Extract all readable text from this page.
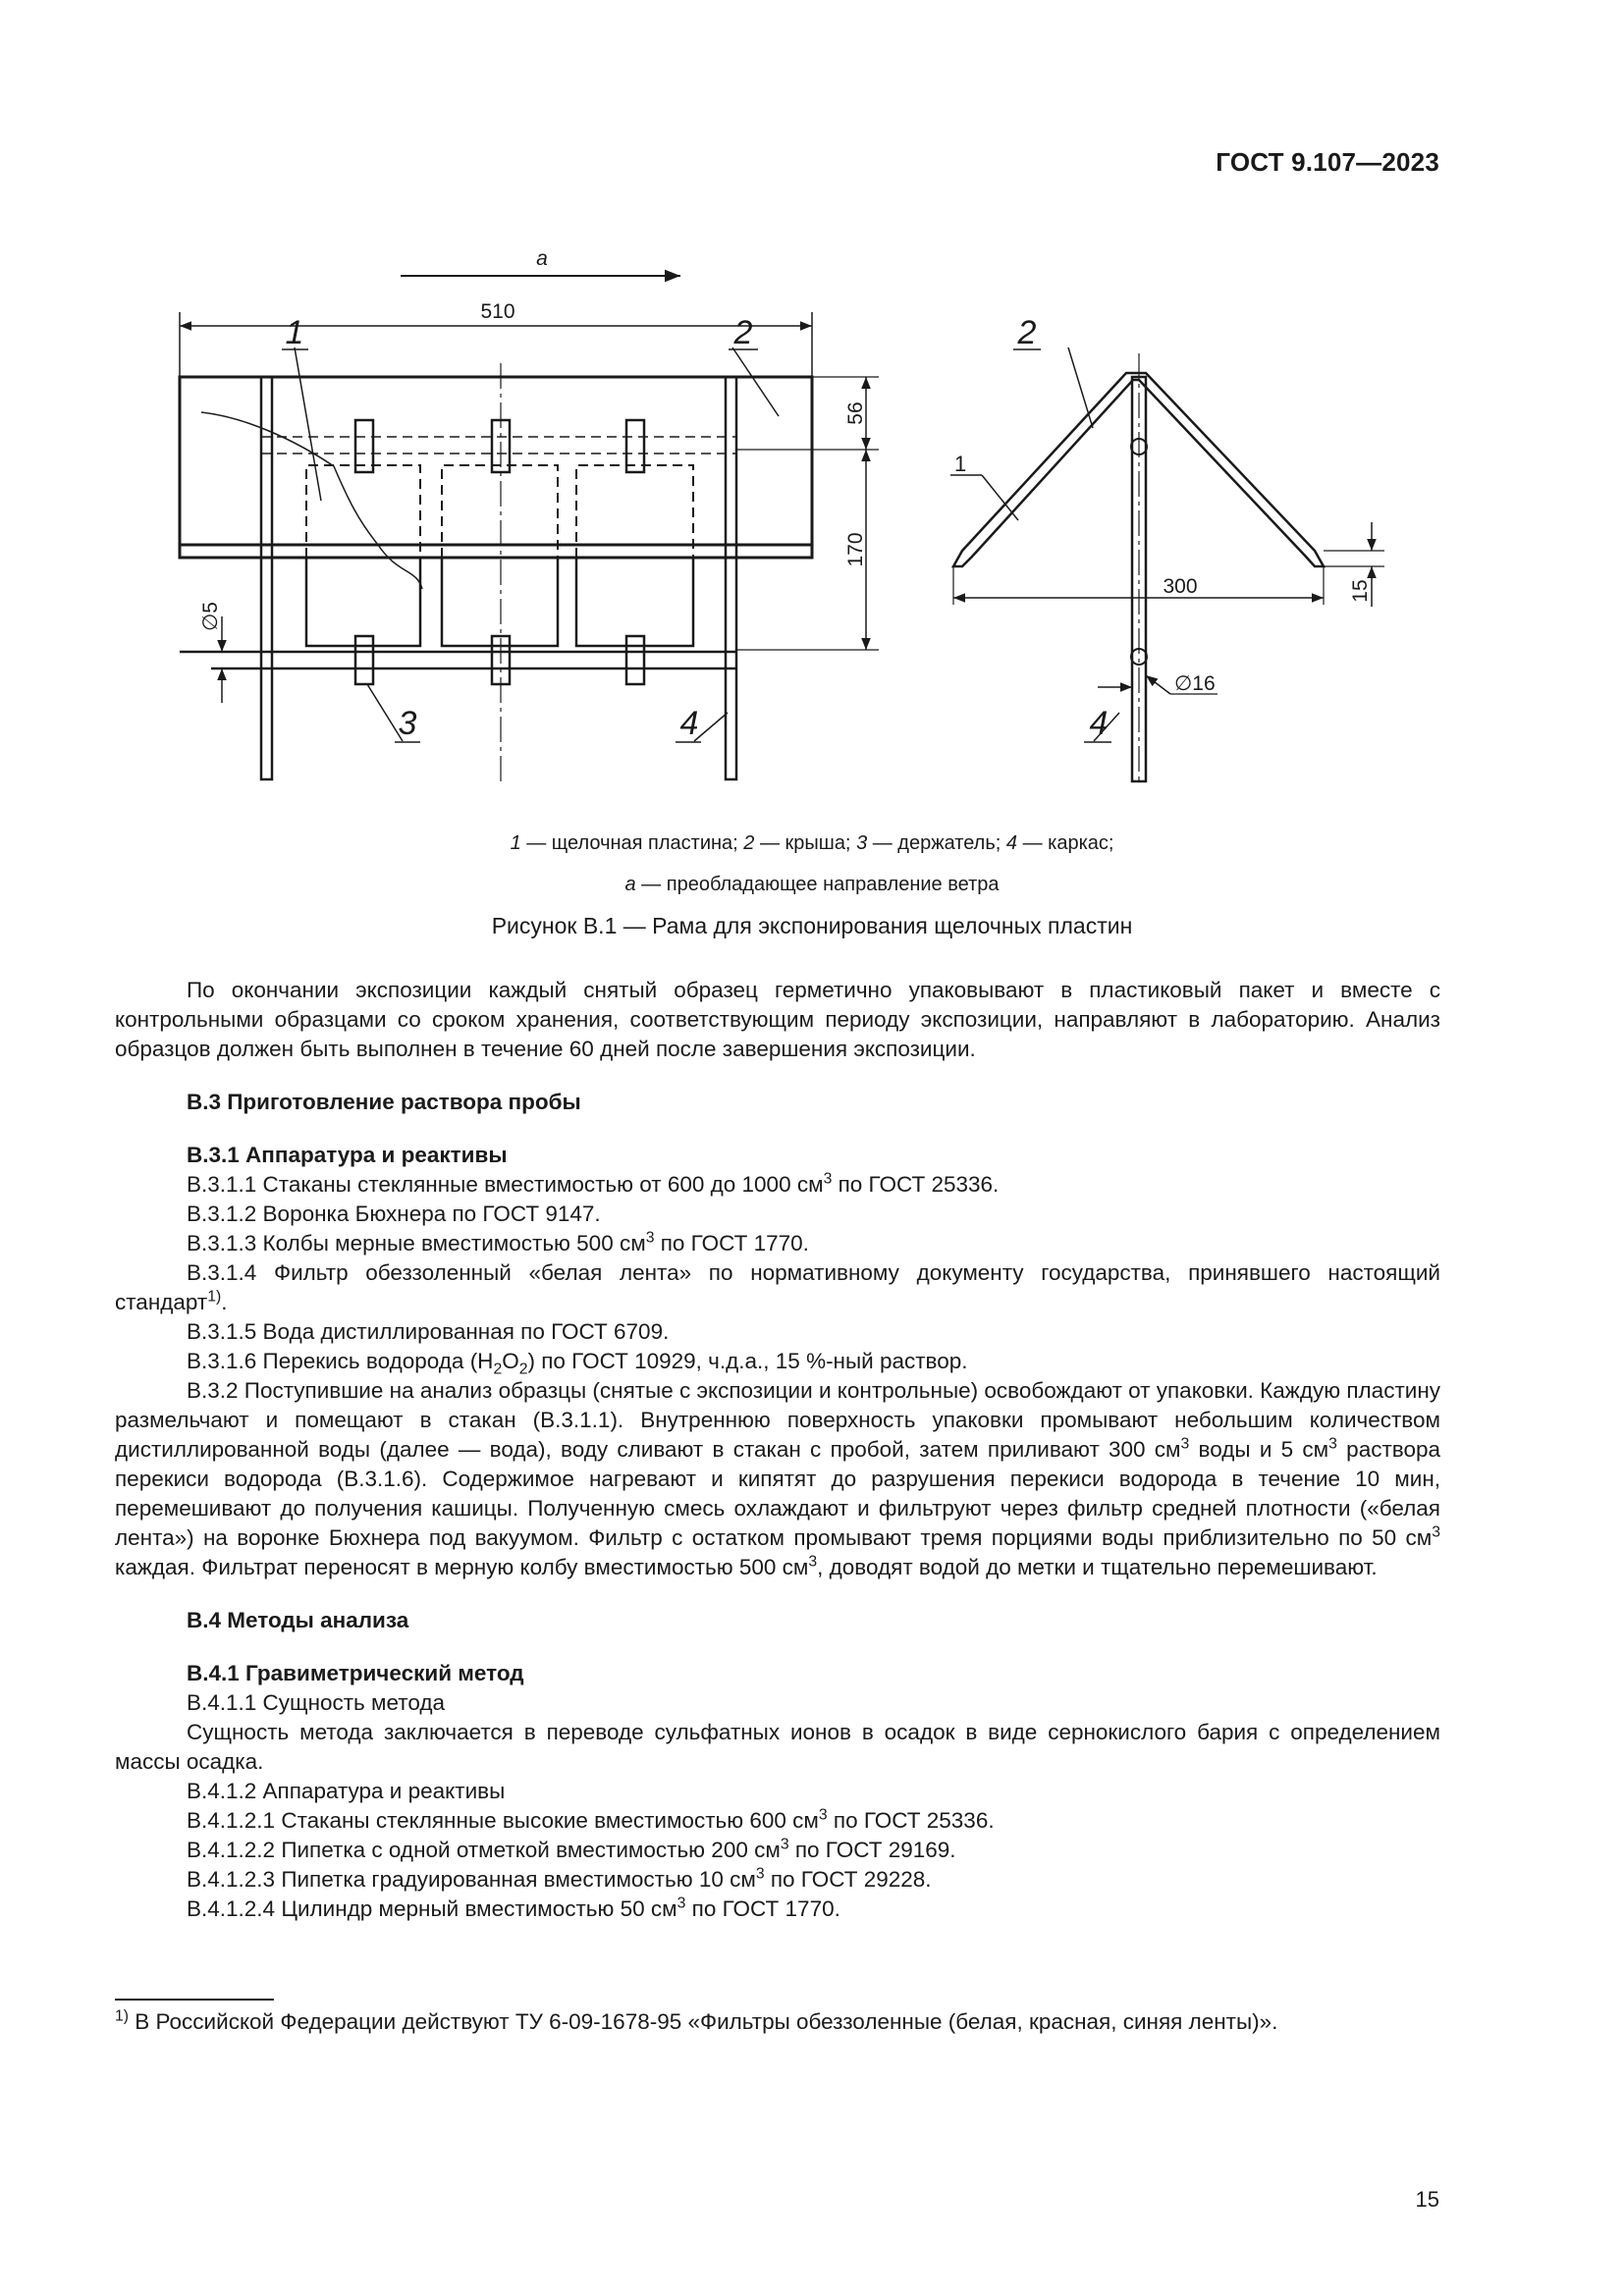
ГОСТ 9.107—2023
a
510
56
170
∅5
300	15
∅16
1	2
3	4
2
1
4
1 — щелочная пластина; 2 — крыша; 3 — держатель; 4 — каркас;
a — преобладающее направление ветра
Рисунок В.1 — Рама для экспонирования щелочных пластин

По окончании экспозиции каждый снятый образец герметично упаковывают в пластиковый пакет и вместе с контрольными образцами со сроком хранения, соответствующим периоду экспозиции, направляют в лабораторию. Анализ образцов должен быть выполнен в течение 60 дней после завершения экспозиции.

В.3 Приготовление раствора пробы

В.3.1 Аппаратура и реактивы

В.3.1.1 Стаканы стеклянные вместимостью от 600 до 1000 $см^3$ по ГОСТ 25336.

В.3.1.2 Воронка Бюхнера по ГОСТ 9147.

В.3.1.3 Колбы мерные вместимостью 500 $см^3$ по ГОСТ 1770.

В.3.1.4 Фильтр обеззоленный «белая лента» по нормативному документу государства, принявшего настоящий стандарт$^{1)}$.

В.3.1.5 Вода дистиллированная по ГОСТ 6709.

В.3.1.6 Перекись водорода $(H_2O_2)$ по ГОСТ 10929, ч.д.а., 15 %-ный раствор.

В.3.2 Поступившие на анализ образцы (снятые с экспозиции и контрольные) освобождают от упаковки. Каждую пластину размельчают и помещают в стакан (В.3.1.1). Внутреннюю поверхность упаковки промывают небольшим количеством дистиллированной воды (далее — вода), воду сливают в стакан с пробой, затем приливают 300 $см^3$ воды и 5 $см^3$ раствора перекиси водорода (В.3.1.6). Содержимое нагревают и кипятят до разрушения перекиси водорода в течение 10 мин, перемешивают до получения кашицы. Полученную смесь охлаждают и фильтруют через фильтр средней плотности («белая лента») на воронке Бюхнера под вакуумом. Фильтр с остатком промывают тремя порциями воды приблизительно по 50 $см^3$ каждая. Фильтрат переносят в мерную колбу вместимостью 500 $см^3$, доводят водой до метки и тщательно перемешивают.

В.4 Методы анализа

В.4.1 Гравиметрический метод

В.4.1.1 Сущность метода

Сущность метода заключается в переводе сульфатных ионов в осадок в виде сернокислого бария с определением массы осадка.

В.4.1.2 Аппаратура и реактивы

В.4.1.2.1 Стаканы стеклянные высокие вместимостью 600 $см^3$ по ГОСТ 25336.

В.4.1.2.2 Пипетка с одной отметкой вместимостью 200 $см^3$ по ГОСТ 29169.

В.4.1.2.3 Пипетка градуированная вместимостью 10 $см^3$ по ГОСТ 29228.

В.4.1.2.4 Цилиндр мерный вместимостью 50 $см^3$ по ГОСТ 1770.

$^{1)}$ В Российской Федерации действуют ТУ 6-09-1678-95 «Фильтры обеззоленные (белая, красная, синяя ленты)».
15
